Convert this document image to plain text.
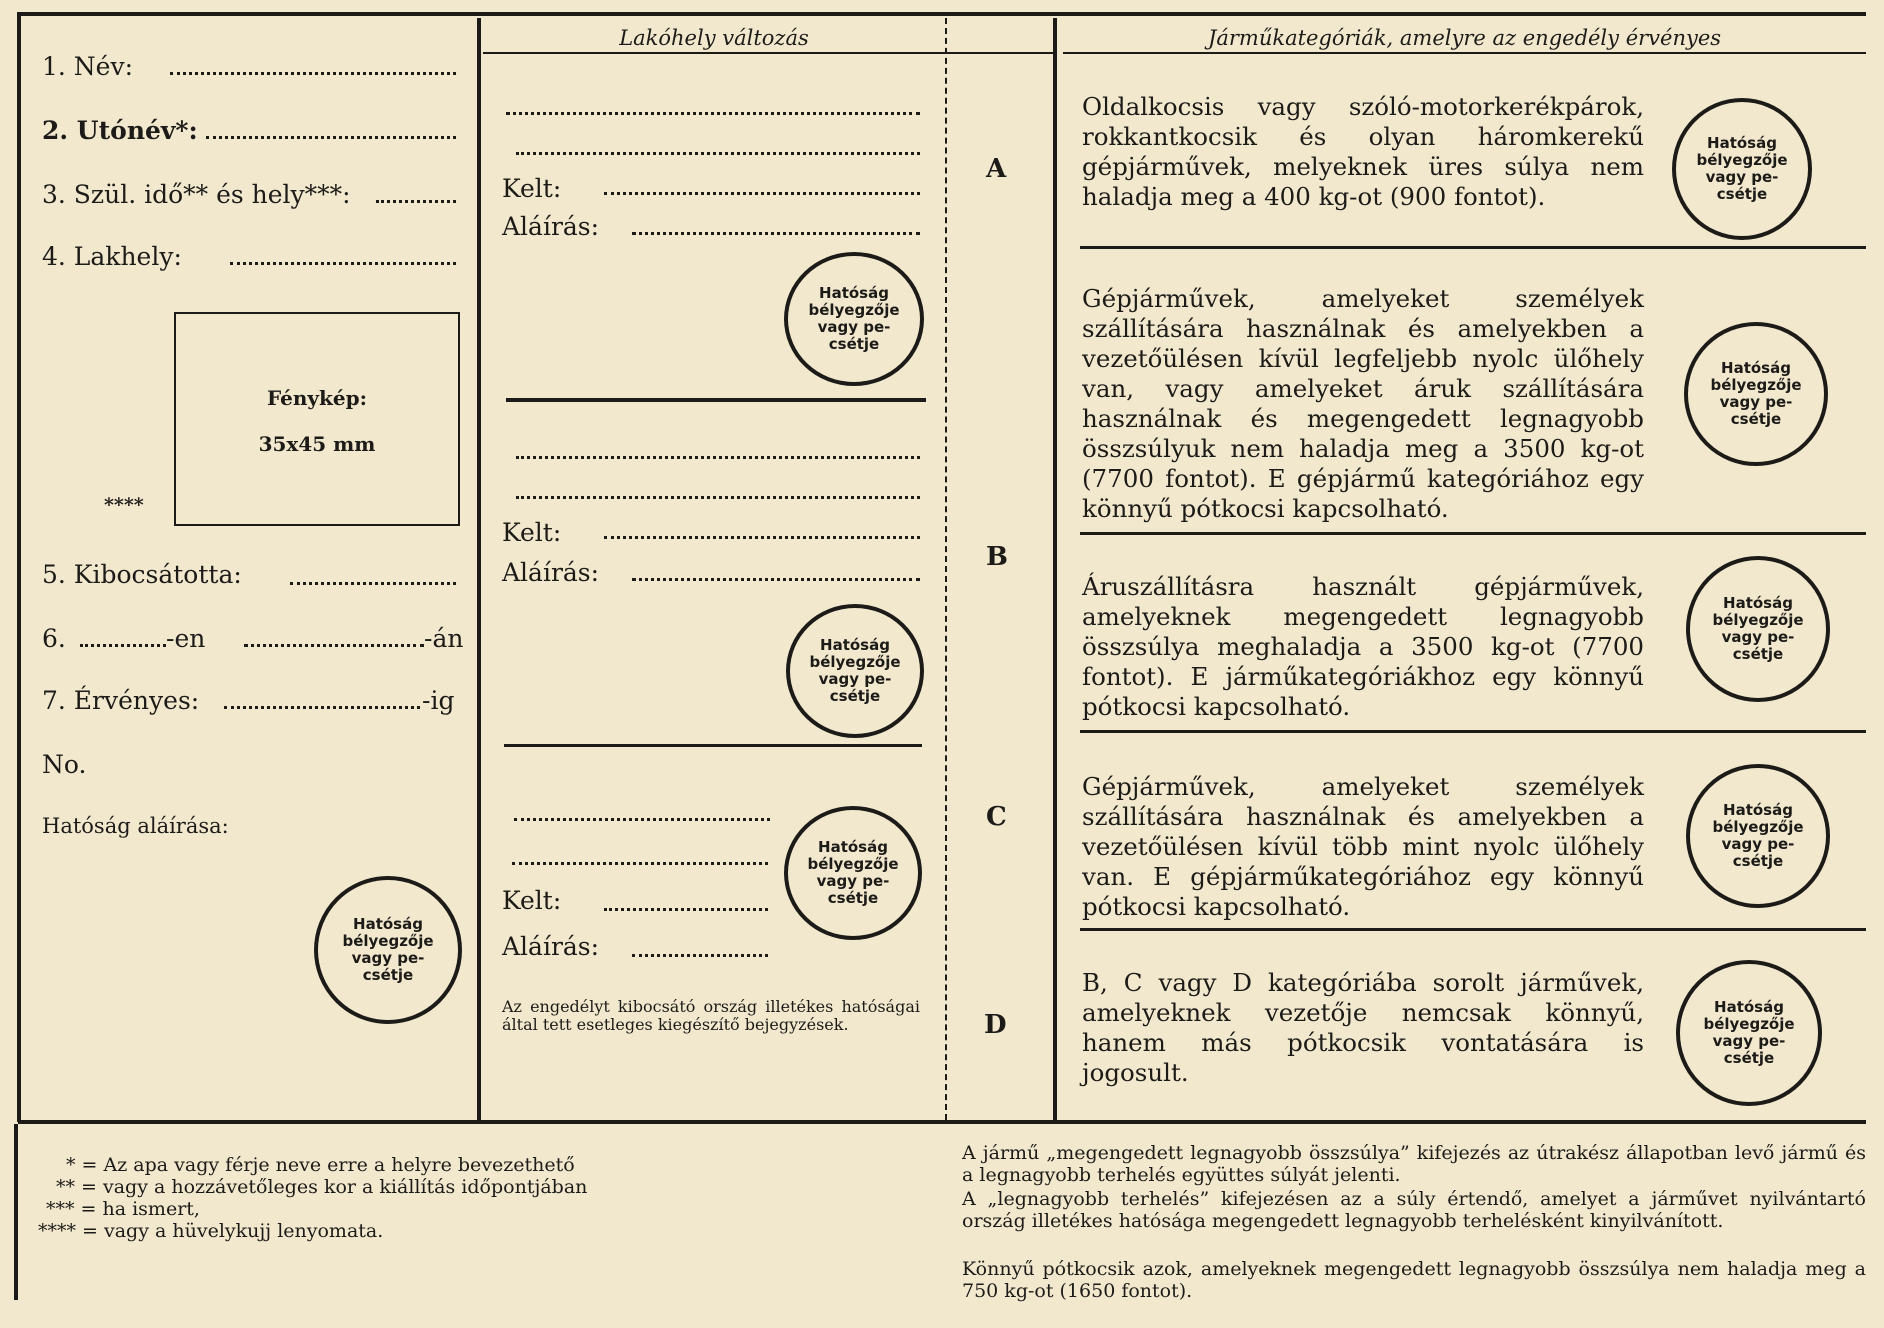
1. Név:
2. Utónév*:
3. Szül. idő** és hely***:
4. Lakhely:
Fénykép:
35x45 mm
****
5. Kibocsátotta:
6.	-en	-án
7. Érvényes:	-ig
No.
Hatóság aláírása:
Hatóság
bélyegzője
vagy pe-
csétje
Lakóhely változás
Kelt:
Aláírás:
Hatóság
bélyegzője
vagy pe-
csétje
Kelt:
Aláírás:
Hatóság
bélyegzője
vagy pe-
csétje
Kelt:
Aláírás:
Hatóság
bélyegzője
vagy pe-
csétje
Az engedélyt kibocsátó ország illetékes hatóságai által tett esetleges kiegészítő bejegyzések.
A
B
C
D
Járműkategóriák, amelyre az engedély érvényes
Oldalkocsis vagy szóló-motorkerékpárok, rokkantkocsik és olyan háromkerekű gépjárművek, melyeknek üres súlya nem haladja meg a 400 kg-ot (900 fontot).
Hatóság
bélyegzője
vagy pe-
csétje
Gépjárművek, amelyeket személyek szállítására használnak és amelyekben a vezetőülésen kívül legfeljebb nyolc ülőhely van, vagy amelyeket áruk szállítására használnak és megengedett legnagyobb összsúlyuk nem haladja meg a 3500 kg-ot (7700 fontot). E gépjármű kategóriához egy könnyű pótkocsi kapcsolható.
Hatóság
bélyegzője
vagy pe-
csétje
Áruszállításra használt gépjárművek, amelyeknek megengedett legnagyobb összsúlya meghaladja a 3500 kg-ot (7700 fontot). E járműkategóriákhoz egy könnyű pótkocsi kapcsolható.
Hatóság
bélyegzője
vagy pe-
csétje
Gépjárművek, amelyeket személyek szállítására használnak és amelyekben a vezetőülésen kívül több mint nyolc ülőhely van. E gépjárműkategóriához egy könnyű pótkocsi kapcsolható.
Hatóság
bélyegzője
vagy pe-
csétje
B, C vagy D kategóriába sorolt járművek, amelyeknek vezetője nemcsak könnyű, hanem más pótkocsik vontatására is jogosult.
Hatóság
bélyegzője
vagy pe-
csétje
* = Az apa vagy férje neve erre a helyre bevezethető
** = vagy a hozzávetőleges kor a kiállítás időpontjában
*** = ha ismert,
**** = vagy a hüvelykujj lenyomata.
A jármű „megengedett legnagyobb összsúlya” kifejezés az útrakész állapotban levő jármű és a legnagyobb terhelés együttes súlyát jelenti.
A „legnagyobb terhelés” kifejezésen az a súly értendő, amelyet a járművet nyilvántartó ország illetékes hatósága megengedett legnagyobb terhelésként kinyilvánított.
Könnyű pótkocsik azok, amelyeknek megengedett legnagyobb összsúlya nem haladja meg a 750 kg-ot (1650 fontot).
